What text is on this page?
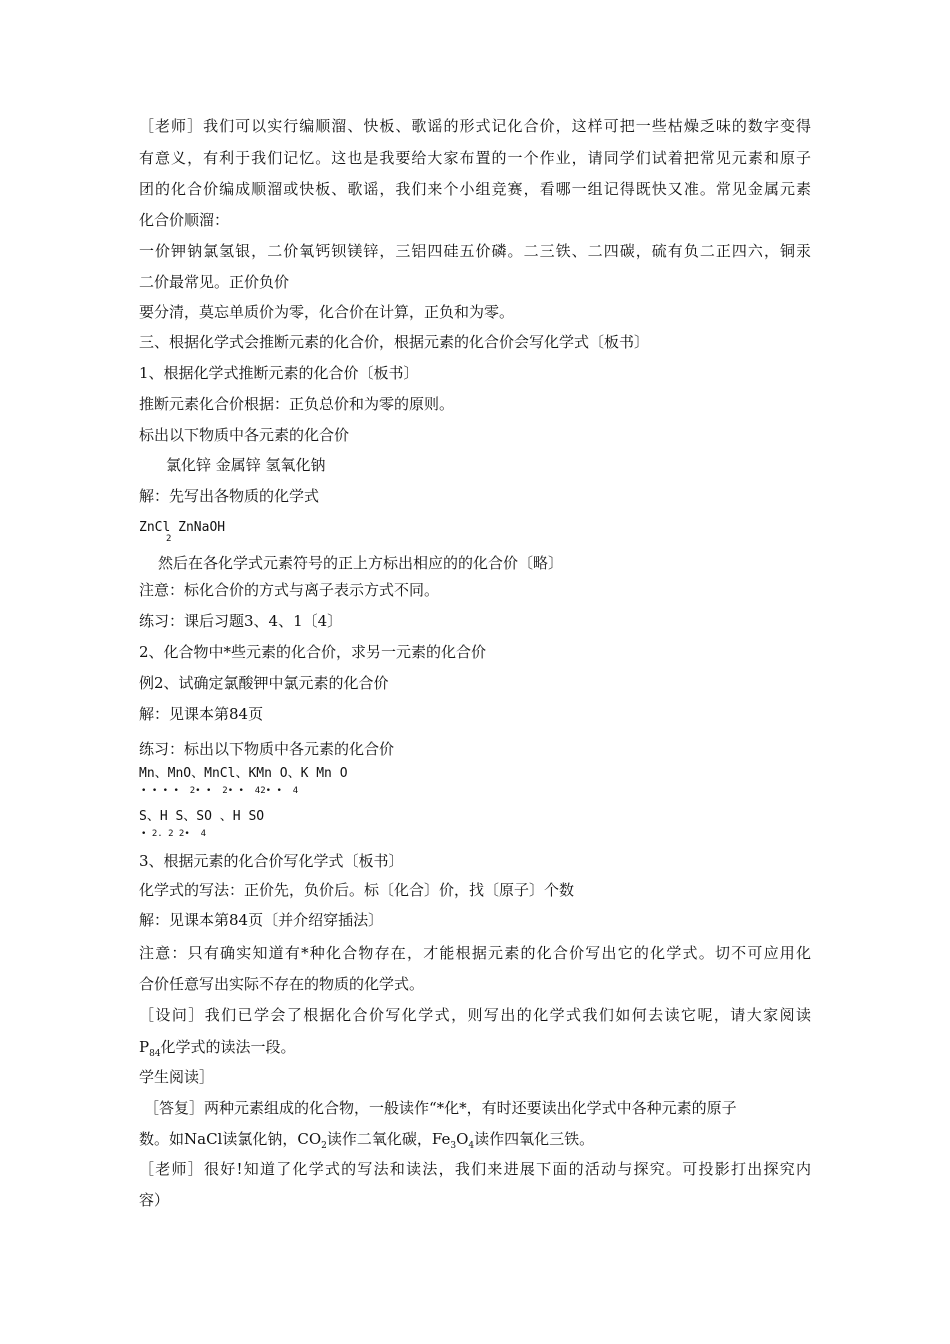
［老师］我们可以实行编顺溜、快板、歌谣的形式记化合价，这样可把一些枯燥乏味的数字变得
有意义，有利于我们记忆。这也是我要给大家布置的一个作业，请同学们试着把常见元素和原子
团的化合价编成顺溜或快板、歌谣，我们来个小组竞赛，看哪一组记得既快又准。常见金属元素
化合价顺溜：
一价钾钠氯氢银，二价氧钙钡镁锌，三铝四硅五价磷。二三铁、二四碳，硫有负二正四六，铜汞
二价最常见。正价负价
要分清，莫忘单质价为零，化合价在计算，正负和为零。
三、根据化学式会推断元素的化合价，根据元素的化合价会写化学式〔板书〕
1、根据化学式推断元素的化合价〔板书〕
推断元素化合价根据：正负总价和为零的原则。
标出以下物质中各元素的化合价
氯化锌 金属锌 氢氧化钠
解：先写出各物质的化学式
ZnCl ZnNaOH
2
然后在各化学式元素符号的正上方标出相应的的化合价〔略〕
注意：标化合价的方式与离子表示方式不同。
练习：课后习题3、4、1〔4〕
2、化合物中*些元素的化合价，求另一元素的化合价
例2、试确定氯酸钾中氯元素的化合价
解：见课本第84页
练习：标出以下物质中各元素的化合价
Mn、MnO、MnCl、KMn O、K Mn O
• • • •  2• •  2• •  42• •  4
S、H S、SO 、H SO
• 2. 2 2•  4
3、根据元素的化合价写化学式〔板书〕
化学式的写法：正价先，负价后。标〔化合〕价，找〔原子〕个数
解：见课本第84页〔并介绍穿插法〕
注意：只有确实知道有*种化合物存在，才能根据元素的化合价写出它的化学式。切不可应用化
合价任意写出实际不存在的物质的化学式。
［设问］我们已学会了根据化合价写化学式，则写出的化学式我们如何去读它呢，请大家阅读
$P_{84}$化学式的读法一段。
学生阅读］
［答复］两种元素组成的化合物，一般读作“*化*，有时还要读出化学式中各种元素的原子
数。如NaCl读氯化钠，$CO_2$读作二氧化碳，$Fe_3O_4$读作四氧化三铁。
［老师］很好!知道了化学式的写法和读法，我们来进展下面的活动与探究。可投影打出探究内
容）
